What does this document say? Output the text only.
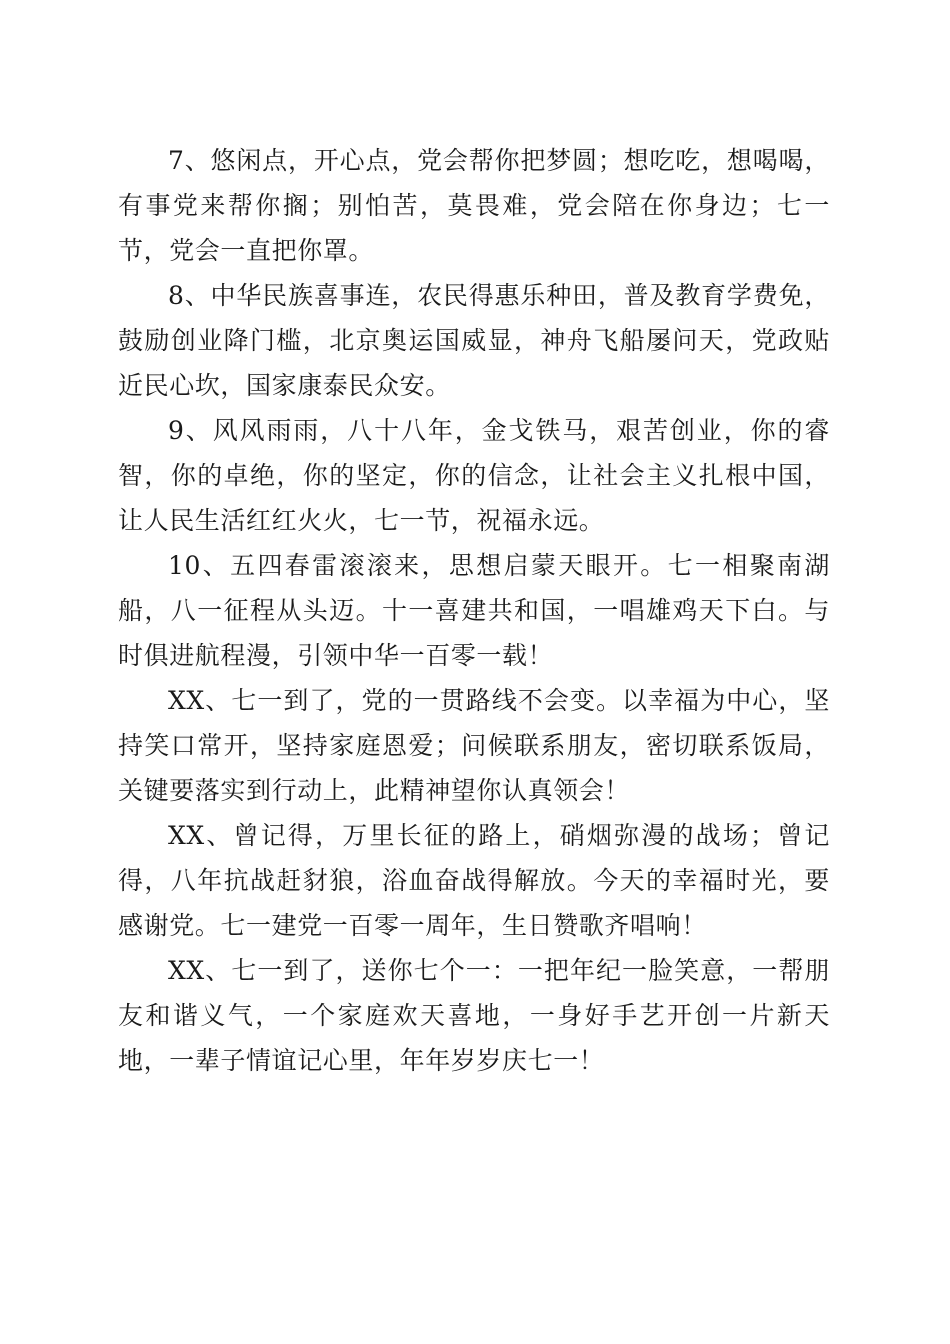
7、悠闲点，开心点，党会帮你把梦圆；想吃吃，想喝喝，有事党来帮你搁；别怕苦，莫畏难，党会陪在你身边；七一节，党会一直把你罩。

8、中华民族喜事连，农民得惠乐种田，普及教育学费免，鼓励创业降门槛，北京奥运国威显，神舟飞船屡问天，党政贴近民心坎，国家康泰民众安。

9、风风雨雨，八十八年，金戈铁马，艰苦创业，你的睿智，你的卓绝，你的坚定，你的信念，让社会主义扎根中国，让人民生活红红火火，七一节，祝福永远。

10、五四春雷滚滚来，思想启蒙天眼开。七一相聚南湖船，八一征程从头迈。十一喜建共和国，一唱雄鸡天下白。与时俱进航程漫，引领中华一百零一载！

XX、七一到了，党的一贯路线不会变。以幸福为中心，坚持笑口常开，坚持家庭恩爱；问候联系朋友，密切联系饭局，关键要落实到行动上，此精神望你认真领会！

XX、曾记得，万里长征的路上，硝烟弥漫的战场；曾记得，八年抗战赶豺狼，浴血奋战得解放。今天的幸福时光，要感谢党。七一建党一百零一周年，生日赞歌齐唱响！

XX、七一到了，送你七个一：一把年纪一脸笑意，一帮朋友和谐义气，一个家庭欢天喜地，一身好手艺开创一片新天地，一辈子情谊记心里，年年岁岁庆七一！
